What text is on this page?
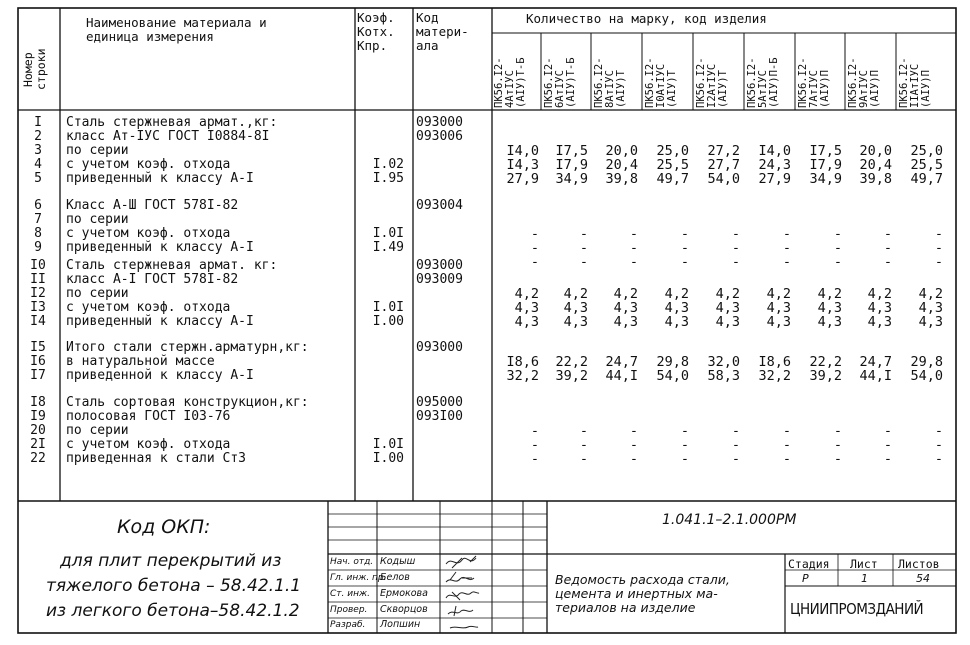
Номер
строки
Наименование материала и
единица измерения
Коэф.
Котх.
Кпр.
Код
матери-
ала
Количество на марку, код изделия
ПК56.I2-
4АтIУС
(АIУ)Т-Б ПК56.I2-
6АтIУС
(АIУ)Т-Б ПК56.I2-
8АтIУС
(АIУ)Т ПК56.I2-
I0АтIУС
(АIУ)Т ПК56.I2-
I2АтIУС
(АIУ)Т ПК56.I2-
5АтIУС
(АIУ)П-Б ПК56.I2-
7АтIУС
(АIУ)П ПК56.I2-
9АтIУС
(АIУ)П ПК56.I2-
IIАтIУС
(АIУ)П
I
2
3
4
5
Сталь стержневая армат.,кг:
класс Ат-IУС ГОСТ I0884-8I
по серии
с учетом коэф. отхода
приведенный к классу А-I
I.02
I.95
093000
093006
I4,0
I4,3
27,9
I7,5
I7,9
34,9
20,0
20,4
39,8
25,0
25,5
49,7
27,2
27,7
54,0
I4,0
24,3
27,9
I7,5
I7,9
34,9
20,0
20,4
39,8
25,0
25,5
49,7
6
7
8
9
Класс А-Ш ГОСТ 578I-82
по серии
с учетом коэф. отхода
приведенный к классу А-I
I.0I
I.49
093004
-
-
-
-
-
-
-
-
-
-
-
-
-
-
-
-
-
-
-
-
-
-
-
-
-
-
-
I0
II
I2
I3
I4
Сталь стержневая армат. кг:
класс А-I ГОСТ 578I-82
по серии
с учетом коэф. отхода
приведенный к классу А-I
I.0I
I.00
093000
093009
4,2
4,3
4,3
4,2
4,3
4,3
4,2
4,3
4,3
4,2
4,3
4,3
4,2
4,3
4,3
4,2
4,3
4,3
4,2
4,3
4,3
4,2
4,3
4,3
4,2
4,3
4,3
I5
I6
I7
Итого стали стержн.арматурн,кг:
в натуральной массе
приведенной к классу А-I
093000
I8,6
32,2
22,2
39,2
24,7
44,I
29,8
54,0
32,0
58,3
I8,6
32,2
22,2
39,2
24,7
44,I
29,8
54,0
I8
I9
20
2I
22
Сталь сортовая конструкцион,кг:
полосовая ГОСТ I03-76
по серии
с учетом коэф. отхода
приведенная к стали Ст3
I.0I
I.00
095000
093I00
-
-
-
-
-
-
-
-
-
-
-
-
-
-
-
-
-
-
-
-
-
-
-
-
-
-
-
Код ОКП:
для плит перекрытий из
тяжелого бетона – 58.42.1.1
из легкого бетона–58.42.1.2
1.041.1–2.1.000РМ
Нач. отд. Кодыш
Гл. инж. пр.
Белов
Ст. инж. Ермокова
Провер. Скворцов
Разраб. Лопшин
Ведомость расхода стали,
цемента и инертных ма-
териалов на изделие
Стадия Лист Листов
Р	1	54
ЦНИИПРОМЗДАНИЙ
